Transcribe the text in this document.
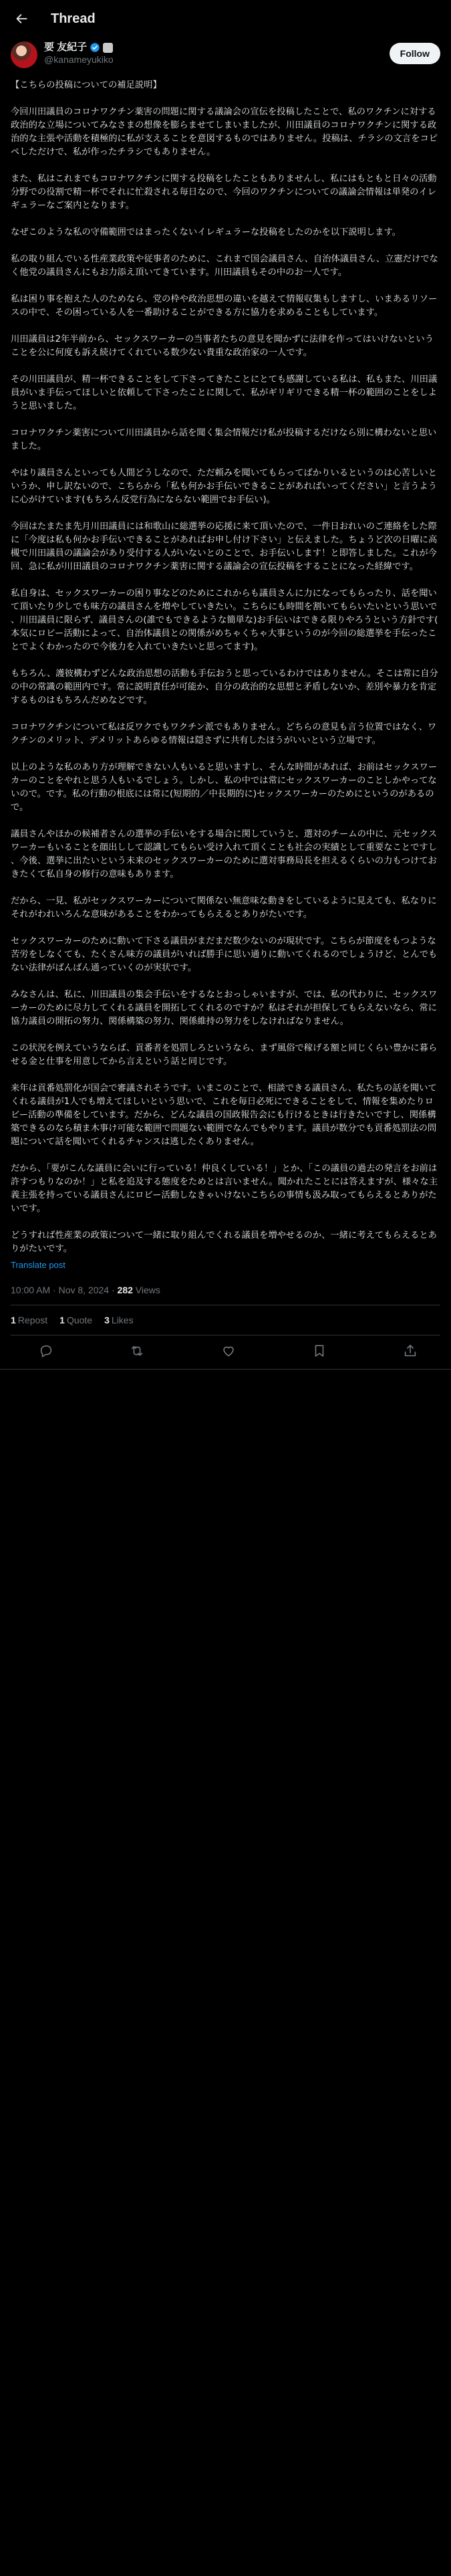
Thread
要 友紀子
@kanameyukiko
Follow

【こちらの投稿についての補足説明】

今回川田議員のコロナワクチン薬害の問題に関する議論会の宣伝を投稿したことで、私のワクチンに対する政治的な立場についてみなさまの想像を膨らませてしまいましたが、川田議員のコロナワクチンに関する政治的な主張や活動を積極的に私が支えることを意図するものではありません。投稿は、チラシの文言をコピペしただけで、私が作ったチラシでもありません。

また、私はこれまでもコロナワクチンに関する投稿をしたこともありませんし、私にはもともと日々の活動分野での役割で精一杯でそれに忙殺される毎日なので、今回のワクチンについての議論会情報は単発のイレギュラーなご案内となります。

なぜこのような私の守備範囲ではまったくないイレギュラーな投稿をしたのかを以下説明します。

私の取り組んでいる性産業政策や従事者のために、これまで国会議員さん、自治体議員さん、立憲だけでなく他党の議員さんにもお力添え頂いてきています。川田議員もその中のお一人です。

私は困り事を抱えた人のためなら、党の枠や政治思想の違いを越えて情報収集もしますし、いまあるリソースの中で、その困っている人を一番助けることができる方に協力を求めることもしています。

川田議員は2年半前から、セックスワーカーの当事者たちの意見を聞かずに法律を作ってはいけないということを公に何度も訴え続けてくれている数少ない貴重な政治家の一人です。

その川田議員が、精一杯できることをして下さってきたことにとても感謝している私は、私もまた、川田議員がいま手伝ってほしいと依頼して下さったことに関して、私がギリギリできる精一杯の範囲のことをしようと思いました。

コロナワクチン薬害について川田議員から話を聞く集会情報だけ私が投稿するだけなら別に構わないと思いました。

やはり議員さんといっても人間どうしなので、ただ頼みを聞いてもらってばかりいるというのは心苦しいというか、申し訳ないので、こちらから「私も何かお手伝いできることがあればいってください」と言うように心がけています(もちろん反党行為にならない範囲でお手伝い)。

今回はたまたま先月川田議員には和歌山に総選挙の応援に来て頂いたので、一件日おれいのご連絡をした際に「今度は私も何かお手伝いできることがあればお申し付け下さい」と伝えました。ちょうど次の日曜に高槻で川田議員の議論会があり受付する人がいないとのことで、お手伝いします！と即答しました。これが今回、急に私が川田議員のコロナワクチン薬害に関する議論会の宣伝投稿をすることになった経緯です。

私自身は、セックスワーカーの困り事などのためにこれからも議員さんに力になってもらったり、話を聞いて頂いたり少しでも味方の議員さんを増やしていきたい。こちらにも時間を割いてもらいたいという思いで、川田議員に限らず、議員さんの(誰でもできるような簡単な)お手伝いはできる限りやろうという方針です(本気にロビー活動によって、自治体議員との関係がめちゃくちゃ大事というのが今回の総選挙を手伝ったことでよくわかったので今後力を入れていきたいと思ってます)。

もちろん、護彼構わずどんな政治思想の活動も手伝おうと思っているわけではありません。そこは常に自分の中の常識の範囲内です。常に説明責任が可能か、自分の政治的な思想と矛盾しないか、差別や暴力を肯定するものはもちろんだめなどです。

コロナワクチンについて私は反ワクでもワクチン派でもありません。どちらの意見も言う位置ではなく、ワクチンのメリット、デメリットあらゆる情報は隠さずに共有したほうがいいという立場です。

以上のような私のあり方が理解できない人もいると思いますし、そんな時間があれば、お前はセックスワーカーのことをやれと思う人もいるでしょう。しかし、私の中では常にセックスワーカーのことしかやってないので。です。私の行動の根底には常に(短期的／中長期的に)セックスワーカーのためにというのがあるので。

議員さんやほかの候補者さんの選挙の手伝いをする場合に関していうと、選対のチームの中に、元セックスワーカーもいることを顔出しして認識してもらい受け入れて頂くことも社会の実績として重要なことですし、今後、選挙に出たいという未来のセックスワーカーのために選対事務局長を担えるくらいの力もつけておきたくて私自身の修行の意味もあります。

だから、一見、私がセックスワーカーについて関係ない無意味な動きをしているように見えても、私なりにそれがわれいろんな意味があることをわかってもらえるとありがたいです。

セックスワーカーのために動いて下さる議員がまだまだ数少ないのが現状です。こちらが節度をもつような苦労をしなくても、たくさん味方の議員がいれば勝手に思い通りに動いてくれるのでしょうけど、とんでもない法律がばんばん通っていくのが実状です。

みなさんは、私に、川田議員の集会手伝いをするなとおっしゃいますが、では、私の代わりに、セックスワーカーのために尽力してくれる議員を開拓してくれるのですか？私はそれが担保してもらえないなら、常に協力議員の開拓の努力、関係構築の努力、関係維持の努力をしなければなりません。

この状況を例えていうならば、貢番者を処罰しろというなら、まず風俗で稼げる額と同じくらい豊かに暮らせる金と仕事を用意してから言えという話と同じです。

来年は貢番処罰化が国会で審議されそうです。いまこのことで、相談できる議員さん、私たちの話を聞いてくれる議員が1人でも増えてほしいという思いで、これを毎日必死にできることをして、情報を集めたりロビー活動の準備をしています。だから、どんな議員の国政報告会にも行けるときは行きたいですし、関係構築できるのなら積ま木事け可能な範囲で問題ない範囲でなんでもやります。議員が数分でも貢番処罰法の問題について話を聞いてくれるチャンスは逃したくありません。

だから、「要がこんな議員に会いに行っている！仲良くしている！」とか、「この議員の過去の発言をお前は許すつもりなのか！」と私を追及する態度をためとは言いません。聞かれたことには答えますが、様々な主義主張を持っている議員さんにロビー活動しなきゃいけないこちらの事情も汲み取ってもらえるとありがたいです。

どうすれば性産業の政策について一緒に取り組んでくれる議員を増やせるのか、一緒に考えてもらえるとありがたいです。

Translate post
10:00 AM · Nov 8, 2024 · 282 Views
1 Repost 1 Quote 3 Likes
